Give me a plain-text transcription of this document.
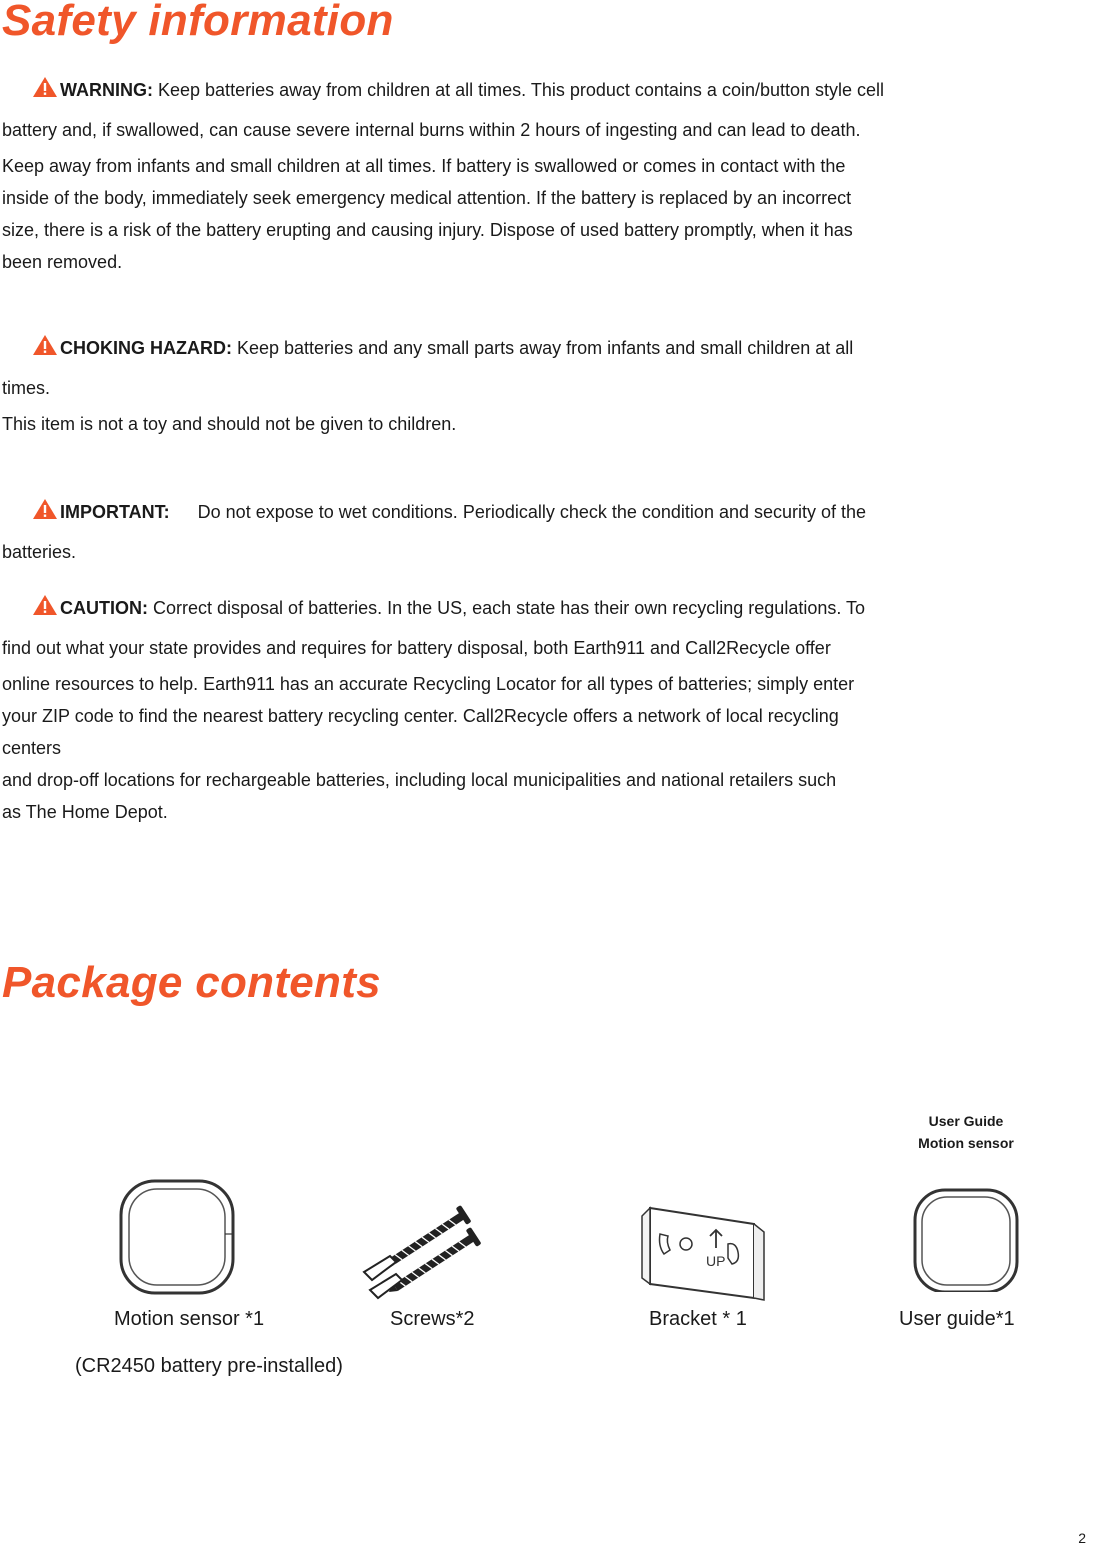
Safety information
WARNING: Keep batteries away from children at all times. This product contains a coin/button style cell
battery and, if swallowed, can cause severe internal burns within 2 hours of ingesting and can lead to death.
Keep away from infants and small children at all times. If battery is swallowed or comes in contact with the
inside of the body, immediately seek emergency medical attention. If the battery is replaced by an incorrect
size, there is a risk of the battery erupting and causing injury. Dispose of used battery promptly, when it has
been removed.
CHOKING HAZARD: Keep batteries and any small parts away from infants and small children at all
times.
This item is not a toy and should not be given to children.
IMPORTANT: Do not expose to wet conditions. Periodically check the condition and security of the
batteries.
CAUTION: Correct disposal of batteries. In the US, each state has their own recycling regulations. To
find out what your state provides and requires for battery disposal, both Earth911 and Call2Recycle offer
online resources to help. Earth911 has an accurate Recycling Locator for all types of batteries; simply enter
your ZIP code to find the nearest battery recycling center. Call2Recycle offers a network of local recycling
centers
and drop-off locations for rechargeable batteries, including local municipalities and national retailers such
as The Home Depot.
Package contents
UP
User Guide
Motion sensor
Motion sensor *1	Screws*2	Bracket * 1	User guide*1
(CR2450 battery pre-installed)
2
